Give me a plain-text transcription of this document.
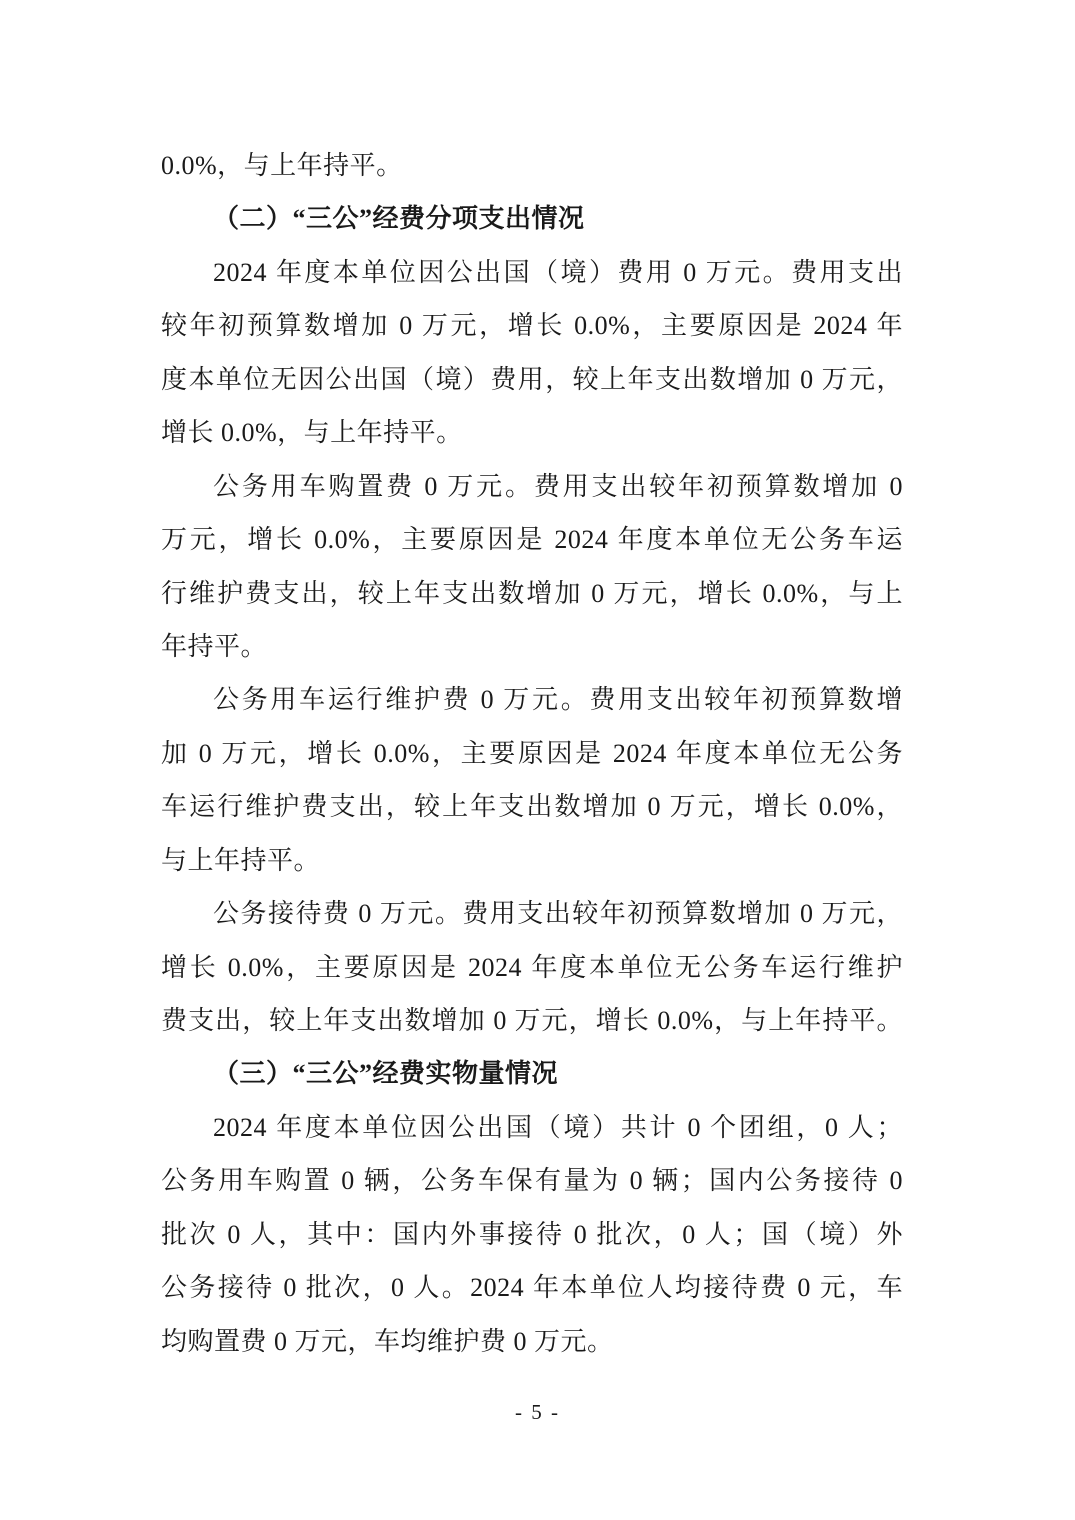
0.0%，与上年持平。
（二）“三公”经费分项支出情况
2024 年度本单位因公出国（境）费用 0 万元。费用支出
较年初预算数增加 0 万元，增长 0.0%，主要原因是 2024 年
度本单位无因公出国（境）费用，较上年支出数增加 0 万元，
增长 0.0%，与上年持平。
公务用车购置费 0 万元。费用支出较年初预算数增加 0
万元，增长 0.0%，主要原因是 2024 年度本单位无公务车运
行维护费支出，较上年支出数增加 0 万元，增长 0.0%，与上
年持平。
公务用车运行维护费 0 万元。费用支出较年初预算数增
加 0 万元，增长 0.0%，主要原因是 2024 年度本单位无公务
车运行维护费支出，较上年支出数增加 0 万元，增长 0.0%，
与上年持平。
公务接待费 0 万元。费用支出较年初预算数增加 0 万元，
增长 0.0%，主要原因是 2024 年度本单位无公务车运行维护
费支出，较上年支出数增加 0 万元，增长 0.0%，与上年持平。
（三）“三公”经费实物量情况
2024 年度本单位因公出国（境）共计 0 个团组，0 人；
公务用车购置 0 辆，公务车保有量为 0 辆；国内公务接待 0
批次 0 人，其中：国内外事接待 0 批次，0 人；国（境）外
公务接待 0 批次，0 人。2024 年本单位人均接待费 0 元，车
均购置费 0 万元，车均维护费 0 万元。
- 5 -
